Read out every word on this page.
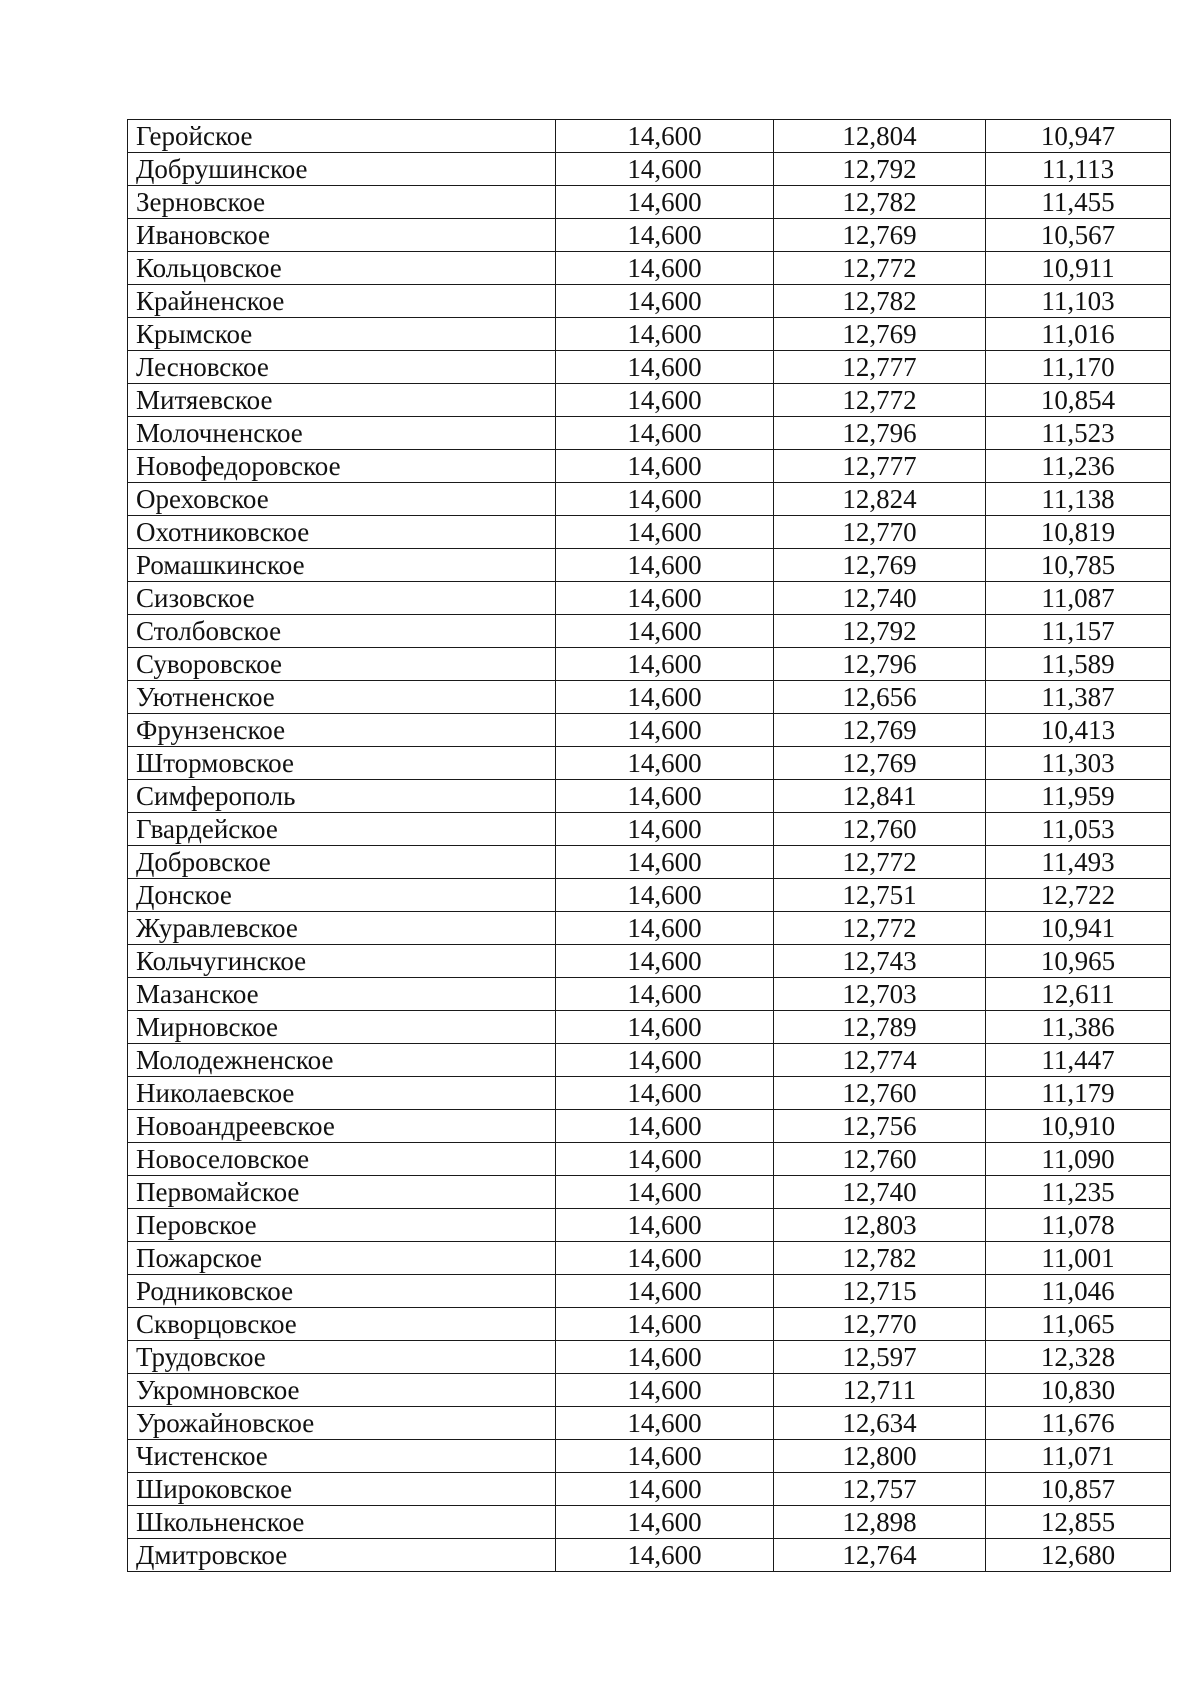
Геройское	14,600	12,804	10,947
Добрушинское	14,600	12,792	11,113
Зерновское	14,600	12,782	11,455
Ивановское	14,600	12,769	10,567
Кольцовское	14,600	12,772	10,911
Крайненское	14,600	12,782	11,103
Крымское	14,600	12,769	11,016
Лесновское	14,600	12,777	11,170
Митяевское	14,600	12,772	10,854
Молочненское	14,600	12,796	11,523
Новофедоровское	14,600	12,777	11,236
Ореховское	14,600	12,824	11,138
Охотниковское	14,600	12,770	10,819
Ромашкинское	14,600	12,769	10,785
Сизовское	14,600	12,740	11,087
Столбовское	14,600	12,792	11,157
Суворовское	14,600	12,796	11,589
Уютненское	14,600	12,656	11,387
Фрунзенское	14,600	12,769	10,413
Штормовское	14,600	12,769	11,303
Симферополь	14,600	12,841	11,959
Гвардейское	14,600	12,760	11,053
Добровское	14,600	12,772	11,493
Донское	14,600	12,751	12,722
Журавлевское	14,600	12,772	10,941
Кольчугинское	14,600	12,743	10,965
Мазанское	14,600	12,703	12,611
Мирновское	14,600	12,789	11,386
Молодежненское	14,600	12,774	11,447
Николаевское	14,600	12,760	11,179
Новоандреевское	14,600	12,756	10,910
Новоселовское	14,600	12,760	11,090
Первомайское	14,600	12,740	11,235
Перовское	14,600	12,803	11,078
Пожарское	14,600	12,782	11,001
Родниковское	14,600	12,715	11,046
Скворцовское	14,600	12,770	11,065
Трудовское	14,600	12,597	12,328
Укромновское	14,600	12,711	10,830
Урожайновское	14,600	12,634	11,676
Чистенское	14,600	12,800	11,071
Широковское	14,600	12,757	10,857
Школьненское	14,600	12,898	12,855
Дмитровское	14,600	12,764	12,680
